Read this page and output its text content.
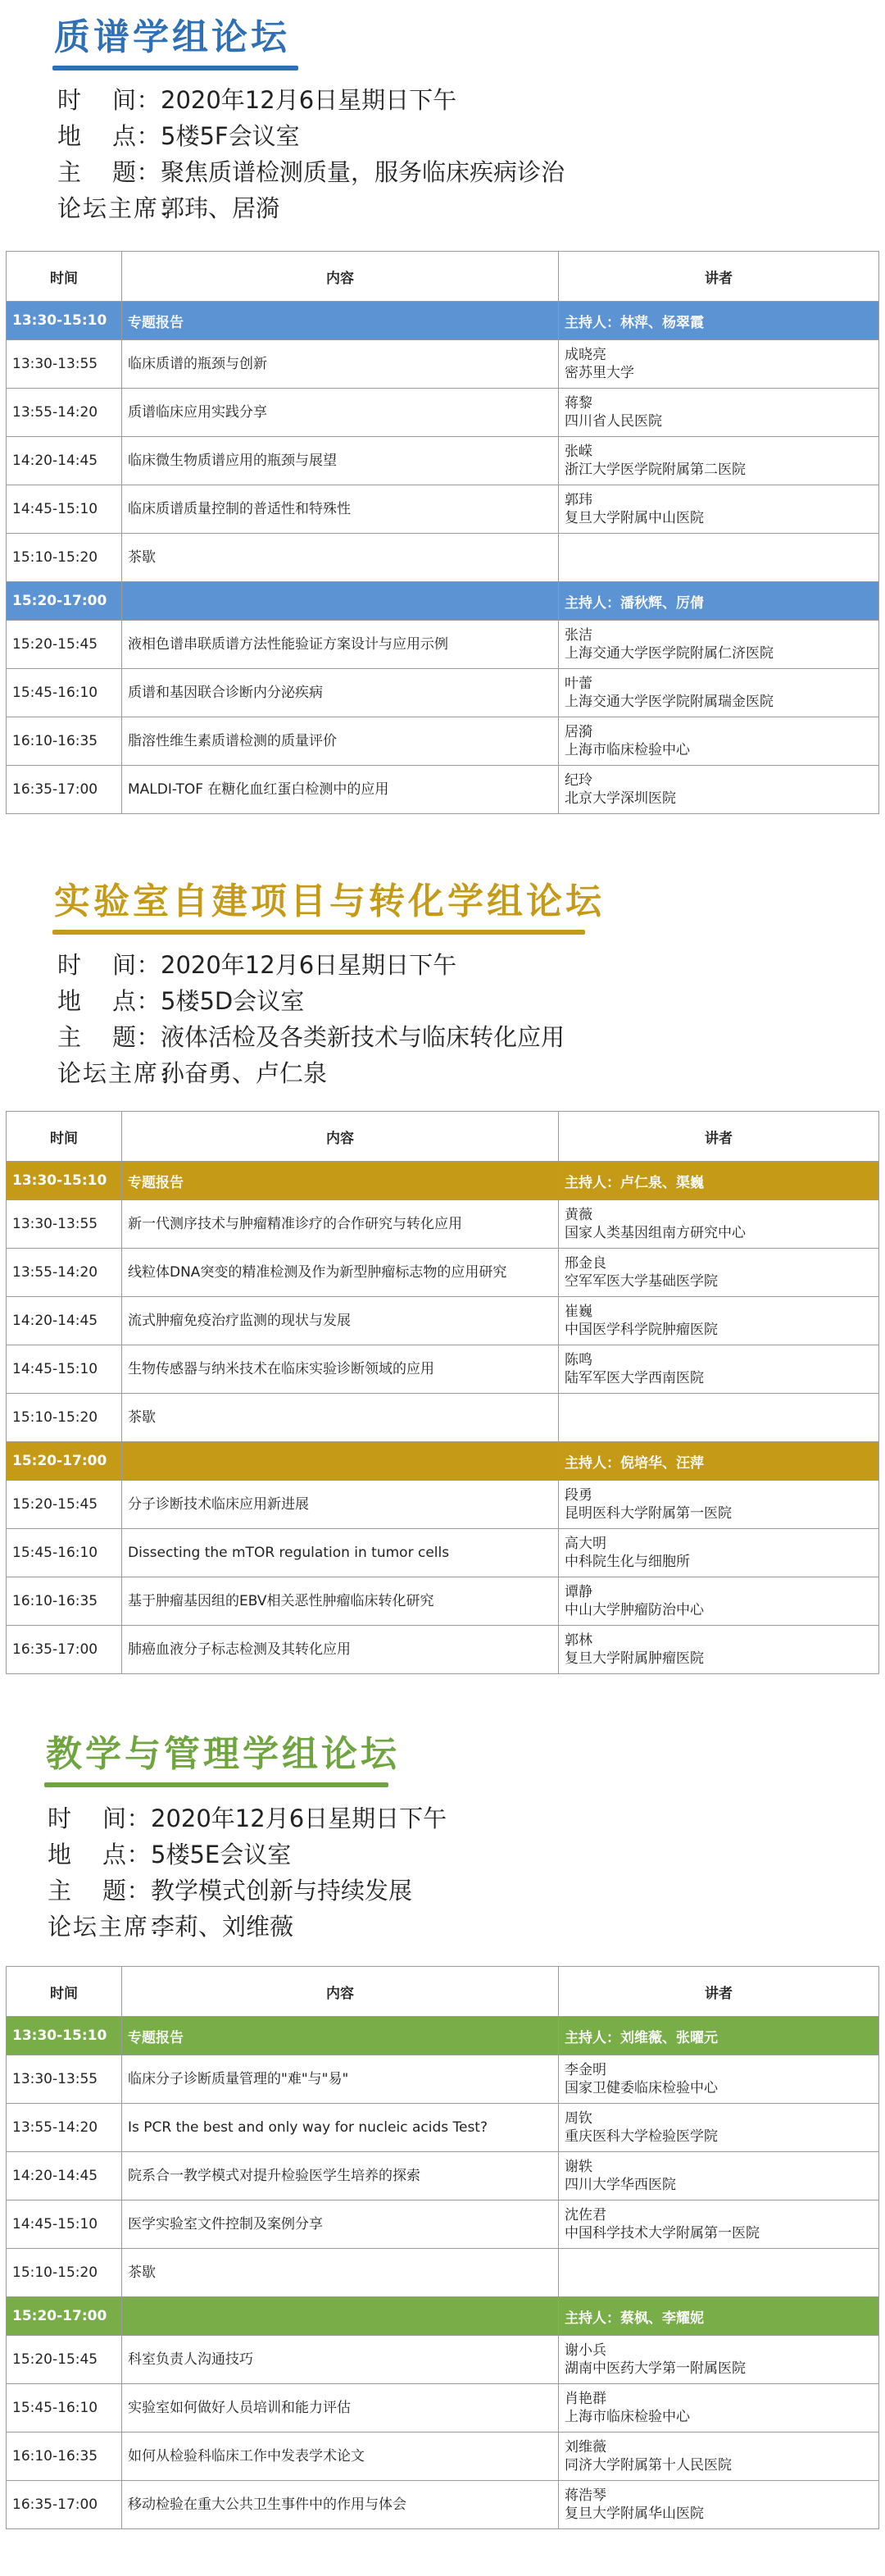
质谱学组论坛
时 间 ： 2020年12月6日星期日下午
地 点 ： 5楼5F会议室
主 题 ： 聚焦质谱检测质量，服务临床疾病诊治
论坛主席：
郭玮、居漪
时间	内容	讲者
13:30-15:10	专题报告	主持人：林萍、杨翠霞
13:30-13:55	临床质谱的瓶颈与创新	成晓亮
密苏里大学

13:55-14:20	质谱临床应用实践分享	蒋黎
四川省人民医院

14:20-14:45	临床微生物质谱应用的瓶颈与展望	张嵘
浙江大学医学院附属第二医院

14:45-15:10	临床质谱质量控制的普适性和特殊性	郭玮
复旦大学附属中山医院

15:10-15:20	茶歇	

15:20-17:00		主持人：潘秋辉、厉倩
15:20-15:45	液相色谱串联质谱方法性能验证方案设计与应用示例	张洁
上海交通大学医学院附属仁济医院

15:45-16:10	质谱和基因联合诊断内分泌疾病	叶蕾
上海交通大学医学院附属瑞金医院

16:10-16:35	脂溶性维生素质谱检测的质量评价	居漪
上海市临床检验中心

16:35-17:00	MALDI-TOF 在糖化血红蛋白检测中的应用	纪玲
北京大学深圳医院
实验室自建项目与转化学组论坛
时 间 ： 2020年12月6日星期日下午
地 点 ： 5楼5D会议室
主 题 ： 液体活检及各类新技术与临床转化应用
论坛主席：
孙奋勇、卢仁泉
时间	内容	讲者
13:30-15:10	专题报告	主持人：卢仁泉、渠巍
13:30-13:55	新一代测序技术与肿瘤精准诊疗的合作研究与转化应用	黄薇
国家人类基因组南方研究中心

13:55-14:20	线粒体DNA突变的精准检测及作为新型肿瘤标志物的应用研究	邢金良
空军军医大学基础医学院

14:20-14:45	流式肿瘤免疫治疗监测的现状与发展	崔巍
中国医学科学院肿瘤医院

14:45-15:10	生物传感器与纳米技术在临床实验诊断领域的应用	陈鸣
陆军军医大学西南医院

15:10-15:20	茶歇	

15:20-17:00		主持人：倪培华、汪萍
15:20-15:45	分子诊断技术临床应用新进展	段勇
昆明医科大学附属第一医院

15:45-16:10	Dissecting the mTOR regulation in tumor cells	高大明
中科院生化与细胞所

16:10-16:35	基于肿瘤基因组的EBV相关恶性肿瘤临床转化研究	谭静
中山大学肿瘤防治中心

16:35-17:00	肺癌血液分子标志检测及其转化应用	郭林
复旦大学附属肿瘤医院
教学与管理学组论坛
时 间 ： 2020年12月6日星期日下午
地 点 ： 5楼5E会议室
主 题 ： 教学模式创新与持续发展
论坛主席：
李莉、刘维薇
时间	内容	讲者
13:30-15:10	专题报告	主持人：刘维薇、张曜元
13:30-13:55	临床分子诊断质量管理的"难"与"易"	李金明
国家卫健委临床检验中心

13:55-14:20	Is PCR the best and only way for nucleic acids Test?	周钦
重庆医科大学检验医学院

14:20-14:45	院系合一教学模式对提升检验医学生培养的探索	谢轶
四川大学华西医院

14:45-15:10	医学实验室文件控制及案例分享	沈佐君
中国科学技术大学附属第一医院

15:10-15:20	茶歇	

15:20-17:00		主持人：蔡枫、李耀妮
15:20-15:45	科室负责人沟通技巧	谢小兵
湖南中医药大学第一附属医院

15:45-16:10	实验室如何做好人员培训和能力评估	肖艳群
上海市临床检验中心

16:10-16:35	如何从检验科临床工作中发表学术论文	刘维薇
同济大学附属第十人民医院

16:35-17:00	移动检验在重大公共卫生事件中的作用与体会	蒋浩琴
复旦大学附属华山医院
